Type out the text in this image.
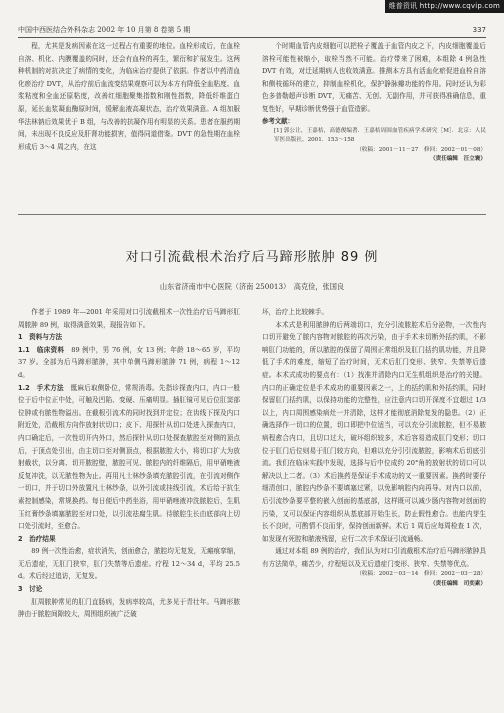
维普资讯 http://www.cqvip.com
中国中西医结合外科杂志 2002 年 10 月第 8 卷第 5 期	337

程，尤其是发病因素在这一过程占有重要的地位。血栓形成后，在血栓自溶、机化、内膜覆盖的同时，还会有血栓的再生，繁衍和扩展发生。这两种机制的对抗决定了病情的变化，为临床治疗提供了依据。作者以中药清血化瘀治疗 DVT，从治疗前后血流变结果观察可以为本方有降低全血粘度、血浆粘度和全血还原粘度，改善红细胞聚集指数和刚性指数，降低纤维蛋白原，延长血浆凝血酶原时间，缓解血液高凝状态，治疗效果满意。A 组加服华法林钠后效果优于 B 组，与改善的抗凝作用有明显的关系。患者在服药期间，未出现不良反应及肝肾功能损害，值得同道借鉴。DVT 的急性期在血栓形成后 3～4 周之内，在这

个时期血管内皮细胞可以把栓子覆盖于血管内皮之下，内皮细胞覆盖后溶栓可能性被缩小，取栓当然不可能。治疗带来了困难，本组除 4 例急性 DVT 有效，对迁延期病人也收效满意。推测本方具有活血化瘀促进血栓自溶和侧枝循环的建立，抑制血栓机化，保护静脉瓣功能的作用。同时还认为彩色多普勒超声诊断 DVT，无痛苦、无创、无副作用，并可获得准确信息，重复性好，早期诊断优势强于血管造影。

参考文献：

[1] 郭公让，王嘉桔，高德俊编著．王嘉桔周围血管疾病学术研究［M］．北京：人民军医出版社，2001．153～158

（收稿：2001－11－27　修回：2002－01－08）

（责任编辑　汪立寰）

对口引流截根术治疗后马蹄形脓肿 89 例
山东省济南市中心医院（济南 250013）　高克俭，张国良

作者于 1989 年—2001 年采用对口引流截根术一次性治疗后马蹄形肛周脓肿 89 例，取得满意效果，现报告如下。

1　资料与方法

1.1　临床资料　 89 例中，男 76 例，女 13 例；年龄 18～65 岁，平均 37 岁。全部为后马蹄形脓肿，其中单侧马蹄形脓肿 71 例，病程 1～12 d。

1.2　手术方法　 骶麻后取侧卧位，常规消毒。先指诊探查内口，内口一般位于后中位正中处，可触及凹陷、变硬、压痛明显。插肛镜可见后位肛窦部位肿或有脓性物溢出。在截根引流术的同时找到并定位；在齿线下探及内口附近处，沿截根方向作放射状切口；皮下、用探针从切口处进入探查内口，内口确定后，一次性切开内外口，然后探针从切口处探查脓腔至对侧的顶点后，于顶点处引出，由主切口至对侧顶点，根据脓腔大小，将切口扩大为放射截状，以分离、切开脓腔壁，脓腔可见、脓腔内的纤维隔后，用甲硝唑液反复冲洗，以无脓性物为止。再用凡士林纱条填充脓腔引流，在引流对侧作一切口，并于切口外放置凡士林纱条，以外引流或挂线引流，术后给于抗生素控制感染，常规换药。每日便后中药坐浴，用甲硝唑液冲洗脓腔后，生肌玉红膏纱条填塞脓腔至对口处，以引流祛腐生肌。待脓腔生长由底部向上切口处引流时，至愈合。

2　治疗结果

89 例一次性治愈，症状消失，创面愈合，脓腔均无复发，无瘢痕挛缩，无后遗症，无肛门狭窄，肛门失禁等后遗症。疗程 12～34 d，平均 25.5 d。术后经过追访，无复发。

3　讨论

肛周脓肿常见的肛门直肠病，发病率较高，尤多见于青壮年。马蹄形脓肿由于脓腔间隙较大，周围组织被广泛破

坏，治疗上比较棘手。

本术式是利用脓肿的后两端切口，充分引流脓腔术后分泌物，一次性内口切开避免了脓内容物对脓腔的再次污染，由于手术未切断外括约肌，不影响肛门功能的，所以脓腔的保留了周围正常组织及肛门括约肌功能，并且降低了手术的难度，缩短了治疗时间，无术后肛门变形、狭窄、失禁等后遗症。本术式成功的要点有：（1）找准并清除内口无生机组织是治疗的关键。内口的正确定位是手术成功的重要因素之一，上的括约肌和外括约肌，同时保留肛门括约肌，以保持功能的完整性，应注意内口切开深度不宜超过 1/3 以上，内口周围感染病灶一并清除，这样才能彻底消除复发的隐患。（2）正确选择作一切口的位置，切口即把中位适当，可以充分引流脓腔，但不易脓病程愈合内口，且切口过大，破坏组织较多，术后容易造成肛门变形；切口位于肛门后位则易于肛门较方向，但难以充分引引流脓腔，影响术后切底引流。我们在临床实践中发现，选择与后中位成约 20°角的放射状的切口可以解决以上二者。（3）术后换药是保证手术成功的又一重要因素。换药时要仔细清创口，脓腔内纱条不要填塞过紧，以免影响腔内向再导。对内口以前，后引流纱条要平整的嵌入创面的基底部，这样既可以减少肠内容物对创面的污染，又可以保证内容组织从基底部开始生长，防止假性愈合。也能内芽生长不良时，可酌情不良而芽，保持创面新鲜。术后 1 周后应每周检查 1 次，如发现有死腔和脓液残留，应行二次手术保证引流通畅。

通过对本组 89 例的治疗，我们认为对口引流截根术治疗后马蹄形脓肿具有方法简单，痛苦少，疗程短以及无后遗症门变形、狭窄、失禁等优点。

（收稿：2002－03－14　修回：2002－03－28）

（责任编辑　司奕素）
